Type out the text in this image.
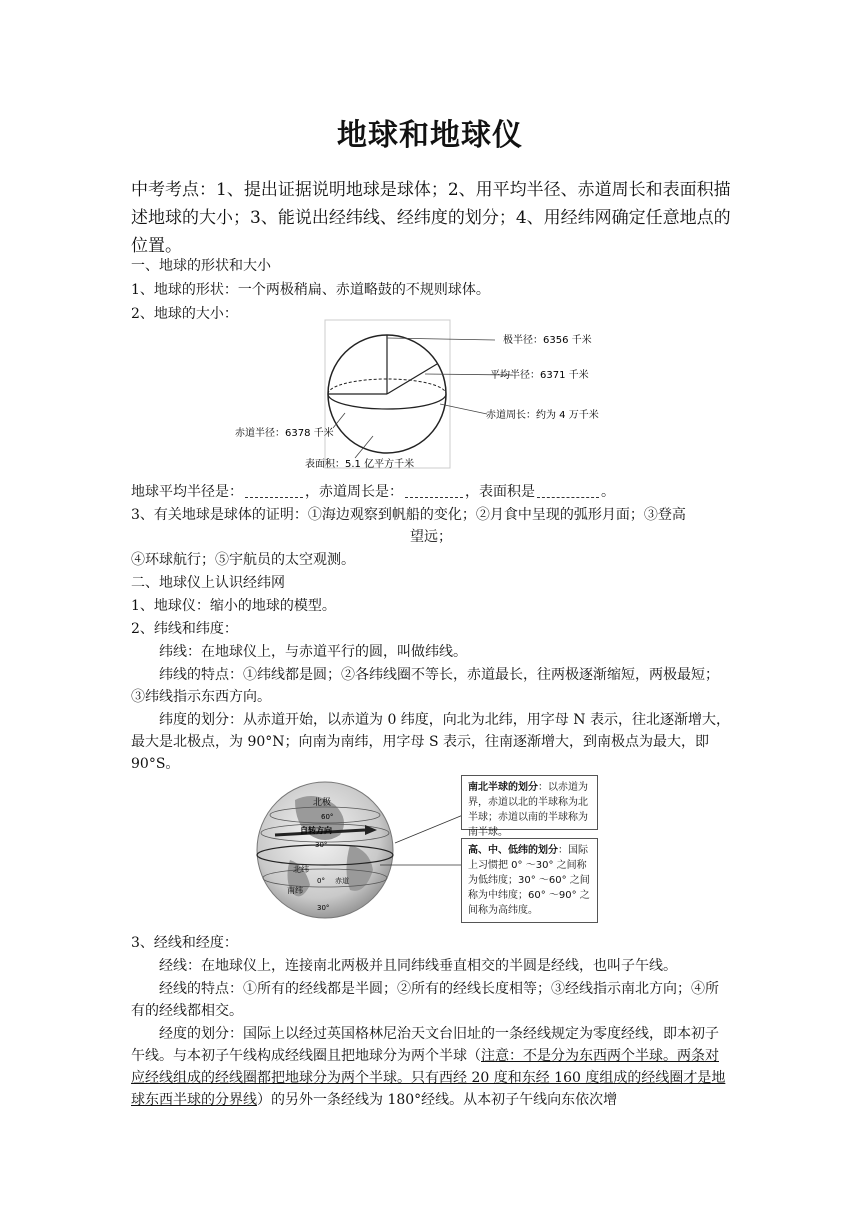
地球和地球仪

中考考点：1、提出证据说明地球是球体；2、用平均半径、赤道周长和表面积描述地球的大小；3、能说出经纬线、经纬度的划分；4、用经纬网确定任意地点的位置。

一、地球的形状和大小

1、地球的形状：一个两极稍扁、赤道略鼓的不规则球体。

2、地球的大小：

极半径：6356 千米
平均半径：6371 千米
赤道周长：约为 4 万千米
赤道半径：6378 千米
表面积：5.1 亿平方千米

地球平均半径是：	，赤道周长是：	，表面积是	。

3、有关地球是球体的证明：①海边观察到帆船的变化；②月食中呈现的弧形月面；③登高

望远；

④环球航行；⑤宇航员的太空观测。

二、地球仪上认识经纬网

1、地球仪：缩小的地球的模型。

2、纬线和纬度：

纬线：在地球仪上，与赤道平行的圆，叫做纬线。

纬线的特点：①纬线都是圆；②各纬线圈不等长，赤道最长，往两极逐渐缩短，两极最短；③纬线指示东西方向。

纬度的划分：从赤道开始，以赤道为 0 纬度，向北为北纬，用字母 N 表示，往北逐渐增大，最大是北极点，为 90°N；向南为南纬，用字母 S 表示，往南逐渐增大，到南极点为最大，即 90°S。

北极
60°
自转方向
30°
北纬
0° 赤道
南纬
30°
南北半球的划分：以赤道为界，赤道以北的半球称为北半球；赤道以南的半球称为南半球。
高、中、低纬的划分：国际上习惯把 0° ～30° 之间称为低纬度；30° ～60° 之间称为中纬度；60° ～90° 之间称为高纬度。

3、经线和经度：

经线：在地球仪上，连接南北两极并且同纬线垂直相交的半圆是经线，也叫子午线。

经线的特点：①所有的经线都是半圆；②所有的经线长度相等；③经线指示南北方向；④所有的经线都相交。

经度的划分：国际上以经过英国格林尼治天文台旧址的一条经线规定为零度经线，即本初子午线。与本初子午线构成经线圈且把地球分为两个半球（注意：不是分为东西两个半球。两条对应经线组成的经线圈都把地球分为两个半球。只有西经 20 度和东经 160 度组成的经线圈才是地球东西半球的分界线）的另外一条经线为 180°经线。从本初子午线向东依次增
